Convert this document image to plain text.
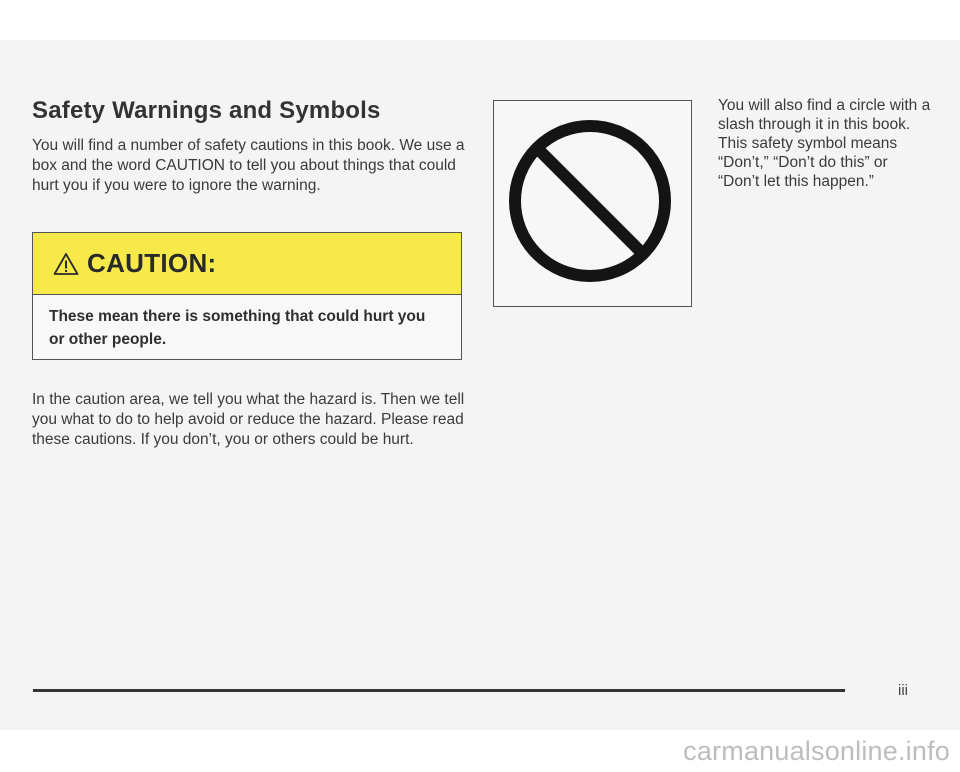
Safety Warnings and Symbols

You will find a number of safety cautions in this book. We use a box and the word CAUTION to tell you about things that could hurt you if you were to ignore the warning.

CAUTION:

These mean there is something that could hurt you or other people.

In the caution area, we tell you what the hazard is. Then we tell you what to do to help avoid or reduce the hazard. Please read these cautions. If you don’t, you or others could be hurt.

You will also find a circle with a slash through it in this book. This safety symbol means “Don’t,” “Don’t do this” or “Don’t let this happen.”

iii
carmanualsonline.info
